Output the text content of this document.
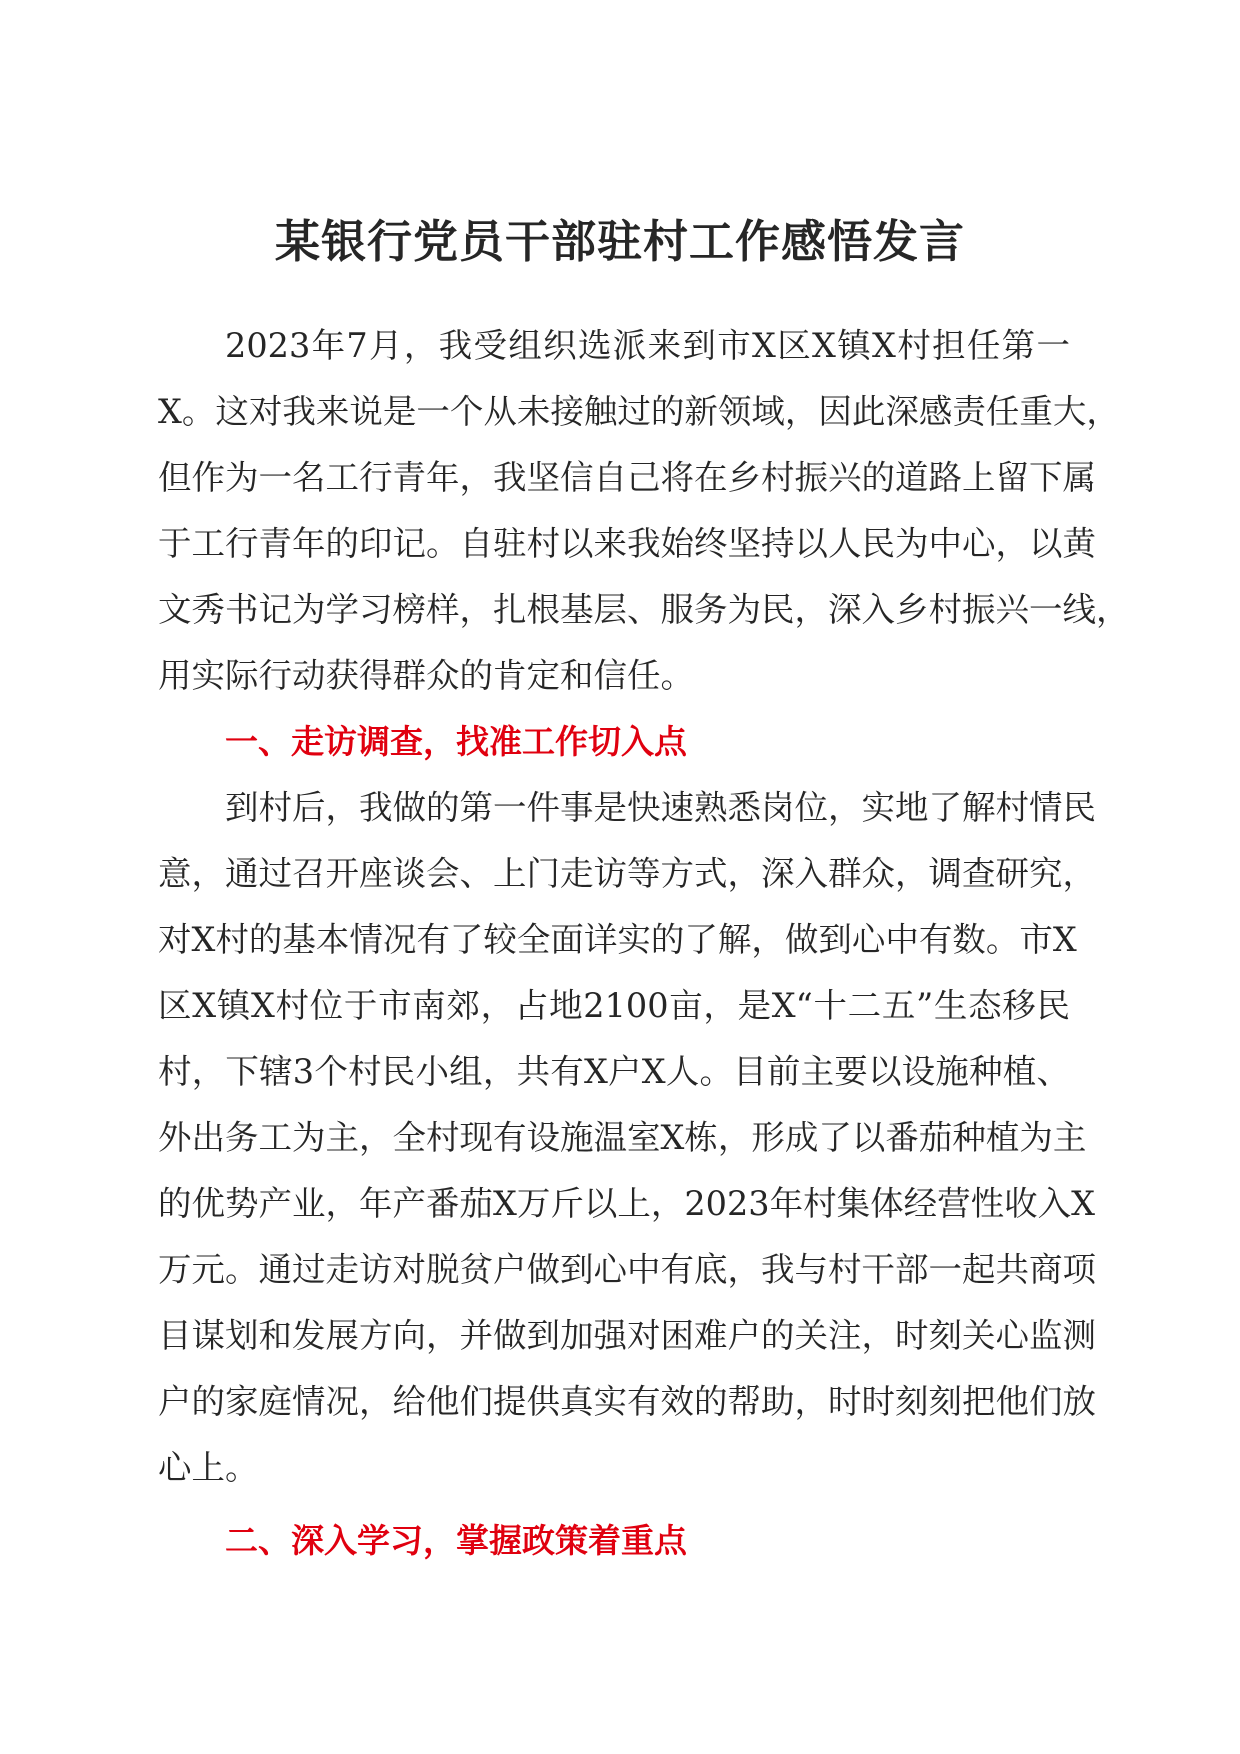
某银行党员干部驻村工作感悟发言
2023年7月，我受组织选派来到市X区X镇X村担任第一
X。这对我来说是一个从未接触过的新领域，因此深感责任重大，
但作为一名工行青年，我坚信自己将在乡村振兴的道路上留下属
于工行青年的印记。自驻村以来我始终坚持以人民为中心，以黄
文秀书记为学习榜样，扎根基层、服务为民，深入乡村振兴一线，
用实际行动获得群众的肯定和信任。
一、走访调查，找准工作切入点
到村后，我做的第一件事是快速熟悉岗位，实地了解村情民
意，通过召开座谈会、上门走访等方式，深入群众，调查研究，
对X村的基本情况有了较全面详实的了解，做到心中有数。市X
区X镇X村位于市南郊，占地2100亩，是X“十二五”生态移民
村，下辖3个村民小组，共有X户X人。目前主要以设施种植、
外出务工为主，全村现有设施温室X栋，形成了以番茄种植为主
的优势产业，年产番茄X万斤以上，2023年村集体经营性收入X
万元。通过走访对脱贫户做到心中有底，我与村干部一起共商项
目谋划和发展方向，并做到加强对困难户的关注，时刻关心监测
户的家庭情况，给他们提供真实有效的帮助，时时刻刻把他们放
心上。
二、深入学习，掌握政策着重点
